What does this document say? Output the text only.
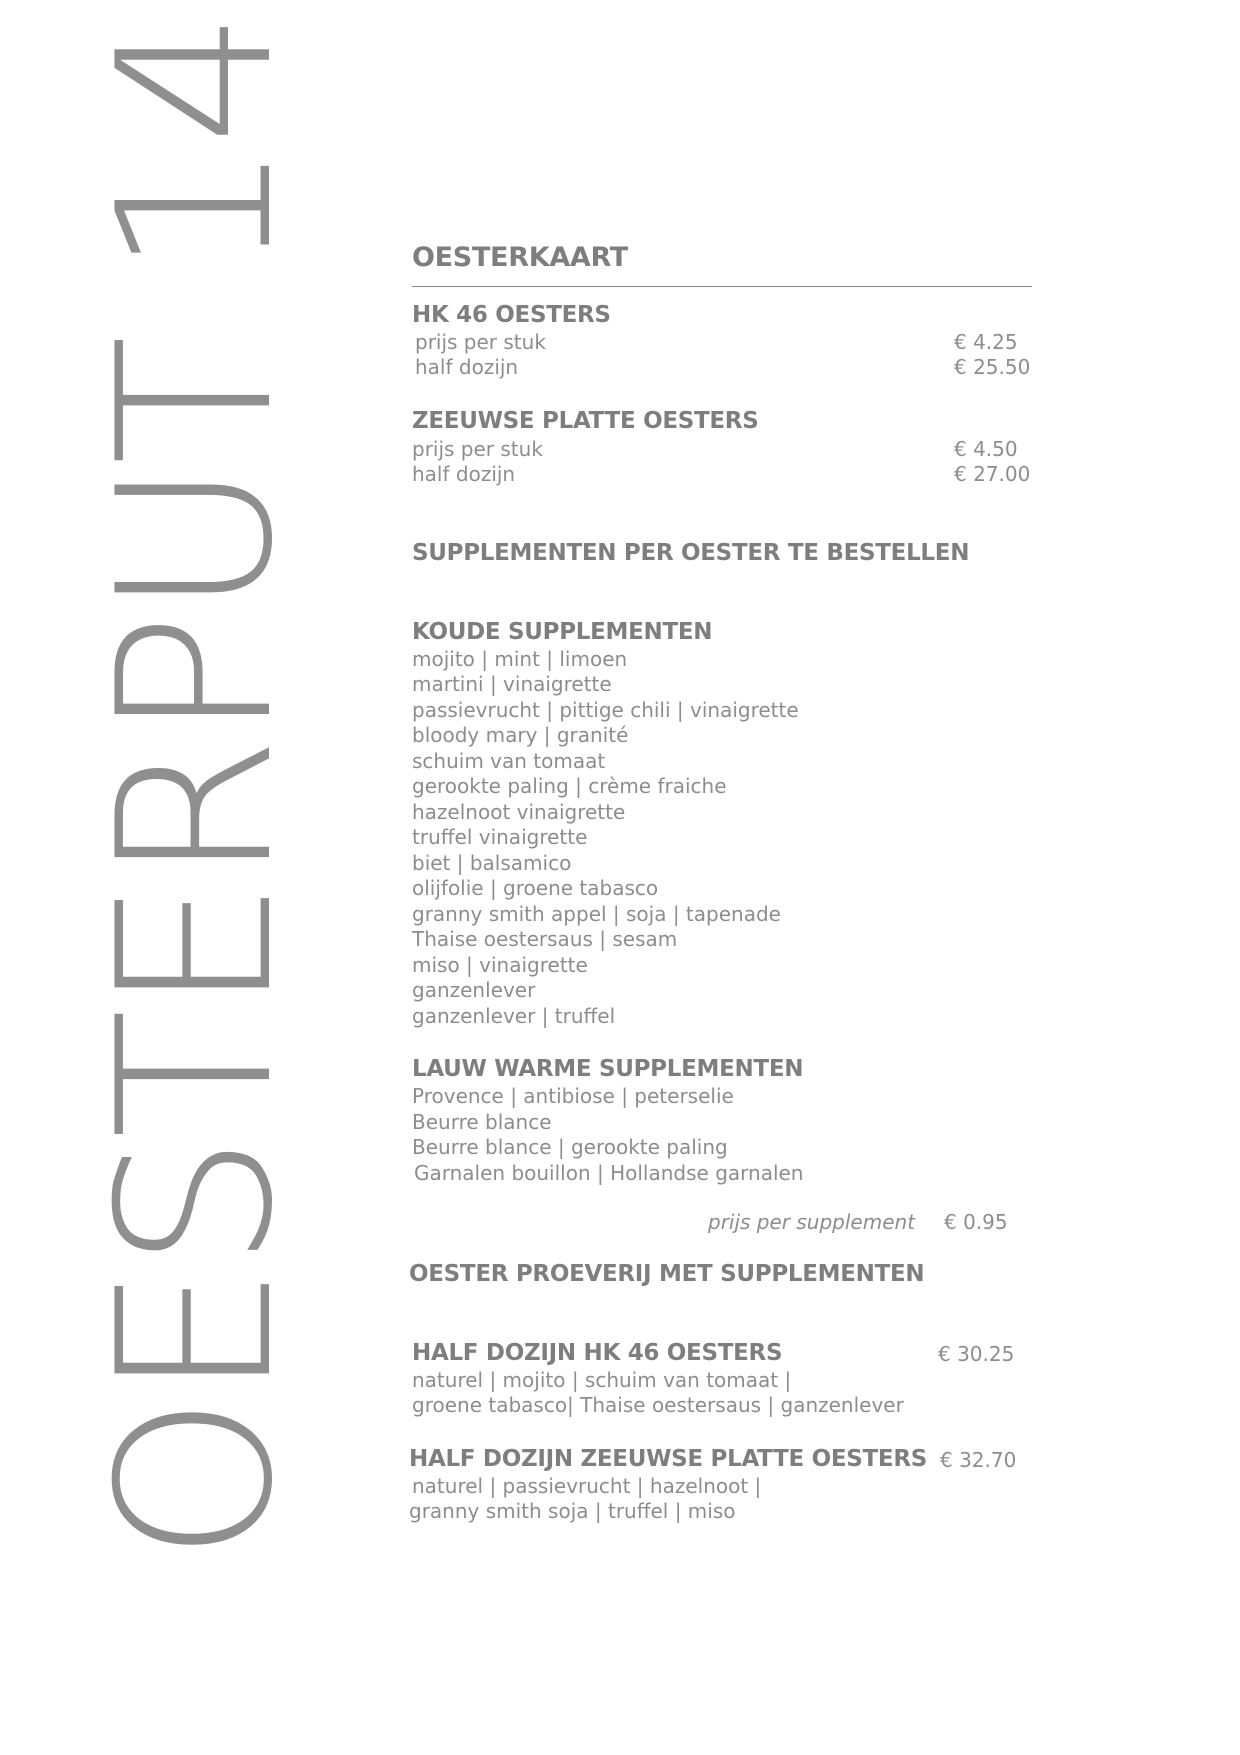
OESTERPUT 14	OESTERKAART
HK 46 OESTERS
prijs per stuk	€ 4.25
half dozijn	€ 25.50
ZEEUWSE PLATTE OESTERS
prijs per stuk	€ 4.50
half dozijn	€ 27.00
SUPPLEMENTEN PER OESTER TE BESTELLEN
KOUDE SUPPLEMENTEN
mojito | mint | limoen
martini | vinaigrette
passievrucht | pittige chili | vinaigrette
bloody mary | granité
schuim van tomaat
gerookte paling | crème fraiche
hazelnoot vinaigrette
truffel vinaigrette
biet | balsamico
olijfolie | groene tabasco
granny smith appel | soja | tapenade
Thaise oestersaus | sesam
miso | vinaigrette
ganzenlever
ganzenlever | truffel
LAUW WARME SUPPLEMENTEN
Provence | antibiose | peterselie
Beurre blance
Beurre blance | gerookte paling
Garnalen bouillon | Hollandse garnalen
prijs per supplement € 0.95
OESTER PROEVERIJ MET SUPPLEMENTEN
HALF DOZIJN HK 46 OESTERS	€ 30.25
naturel | mojito | schuim van tomaat |
groene tabasco| Thaise oestersaus | ganzenlever
HALF DOZIJN ZEEUWSE PLATTE OESTERS € 32.70
naturel | passievrucht | hazelnoot |
granny smith soja | truffel | miso
